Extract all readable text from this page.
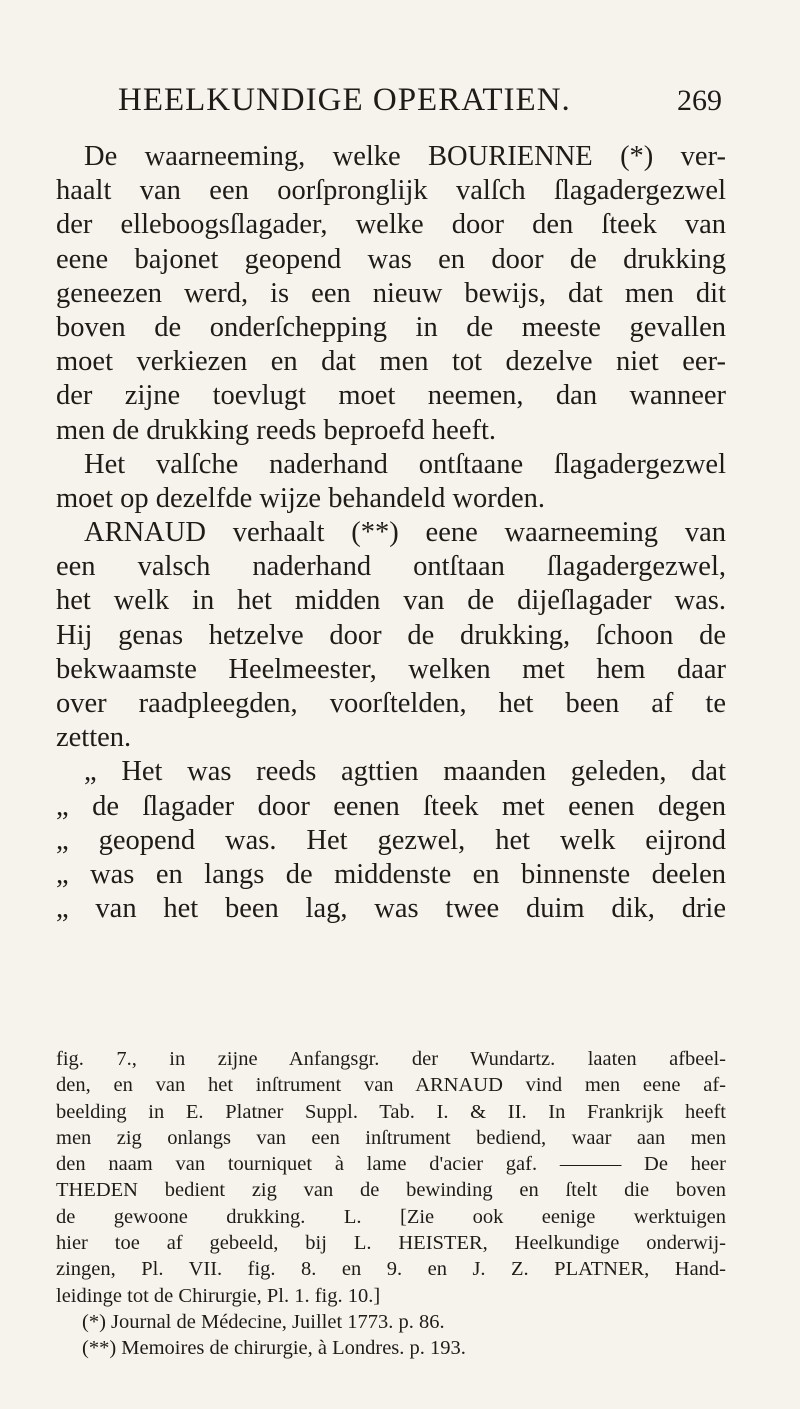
HEELKUNDIGE OPERATIEN.	269
De waarneeming, welke BOURIENNE (*) ver-
haalt van een oorſpronglijk valſch ſlagadergezwel
der elleboogsſlagader, welke door den ſteek van
eene bajonet geopend was en door de drukking
geneezen werd, is een nieuw bewijs, dat men dit
boven de onderſchepping in de meeste gevallen
moet verkiezen en dat men tot dezelve niet eer-
der zijne toevlugt moet neemen, dan wanneer
men de drukking reeds beproefd heeft.
Het valſche naderhand ontſtaane ſlagadergezwel
moet op dezelfde wijze behandeld worden.
ARNAUD verhaalt (**) eene waarneeming van
een valsch naderhand ontſtaan ſlagadergezwel,
het welk in het midden van de dijeſlagader was.
Hij genas hetzelve door de drukking, ſchoon de
bekwaamste Heelmeester, welken met hem daar
over raadpleegden, voorſtelden, het been af te
zetten.
„ Het was reeds agttien maanden geleden, dat
„ de ſlagader door eenen ſteek met eenen degen
„ geopend was. Het gezwel, het welk eijrond
„ was en langs de middenste en binnenste deelen
„ van het been lag, was twee duim dik, drie
fig. 7., in zijne Anfangsgr. der Wundartz. laaten afbeel-
den, en van het inſtrument van ARNAUD vind men eene af-
beelding in E. Platner Suppl. Tab. I. & II. In Frankrijk heeft
men zig onlangs van een inſtrument bediend, waar aan men
den naam van tourniquet à lame d'acier gaf. ——— De heer
THEDEN bedient zig van de bewinding en ſtelt die boven
de gewoone drukking. L. [Zie ook eenige werktuigen
hier toe af gebeeld, bij L. HEISTER, Heelkundige onderwij-
zingen, Pl. VII. fig. 8. en 9. en J. Z. PLATNER, Hand-
leidinge tot de Chirurgie, Pl. 1. fig. 10.]
(*) Journal de Médecine, Juillet 1773. p. 86.
(**) Memoires de chirurgie, à Londres. p. 193.
